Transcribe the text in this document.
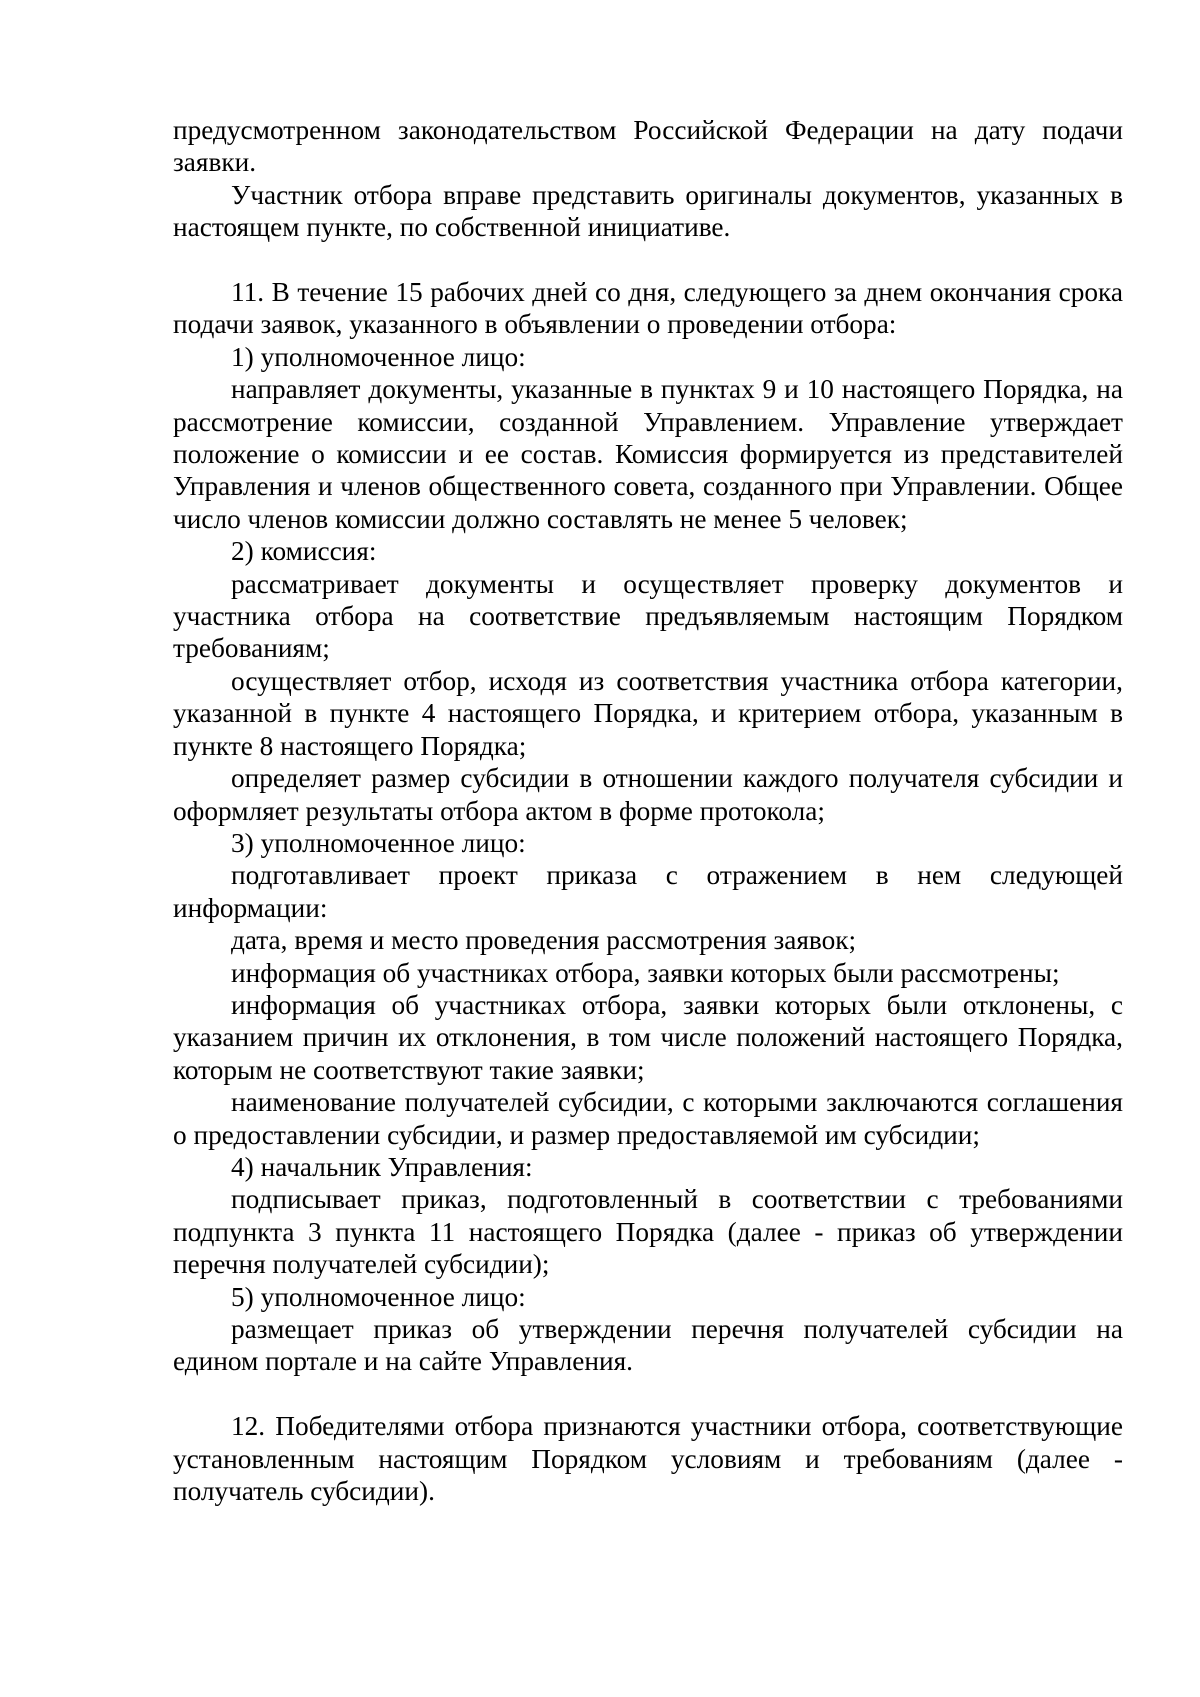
предусмотренном законодательством Российской Федерации на дату подачи заявки.

Участник отбора вправе представить оригиналы документов, указанных в настоящем пункте, по собственной инициативе.

11. В течение 15 рабочих дней со дня, следующего за днем окончания срока подачи заявок, указанного в объявлении о проведении отбора:

1) уполномоченное лицо:

направляет документы, указанные в пунктах 9 и 10 настоящего Порядка, на рассмотрение комиссии, созданной Управлением. Управление утверждает положение о комиссии и ее состав. Комиссия формируется из представителей Управления и членов общественного совета, созданного при Управлении. Общее число членов комиссии должно составлять не менее 5 человек;

2) комиссия:

рассматривает документы и осуществляет проверку документов и участника отбора на соответствие предъявляемым настоящим Порядком требованиям;

осуществляет отбор, исходя из соответствия участника отбора категории, указанной в пункте 4 настоящего Порядка, и критерием отбора, указанным в пункте 8 настоящего Порядка;

определяет размер субсидии в отношении каждого получателя субсидии и оформляет результаты отбора актом в форме протокола;

3) уполномоченное лицо:

подготавливает проект приказа с отражением в нем следующей информации:

дата, время и место проведения рассмотрения заявок;

информация об участниках отбора, заявки которых были рассмотрены;

информация об участниках отбора, заявки которых были отклонены, с указанием причин их отклонения, в том числе положений настоящего Порядка, которым не соответствуют такие заявки;

наименование получателей субсидии, с которыми заключаются соглашения о предоставлении субсидии, и размер предоставляемой им субсидии;

4) начальник Управления:

подписывает приказ, подготовленный в соответствии с требованиями подпункта 3 пункта 11 настоящего Порядка (далее - приказ об утверждении перечня получателей субсидии);

5) уполномоченное лицо:

размещает приказ об утверждении перечня получателей субсидии на едином портале и на сайте Управления.

12. Победителями отбора признаются участники отбора, соответствующие установленным настоящим Порядком условиям и требованиям (далее - получатель субсидии).
